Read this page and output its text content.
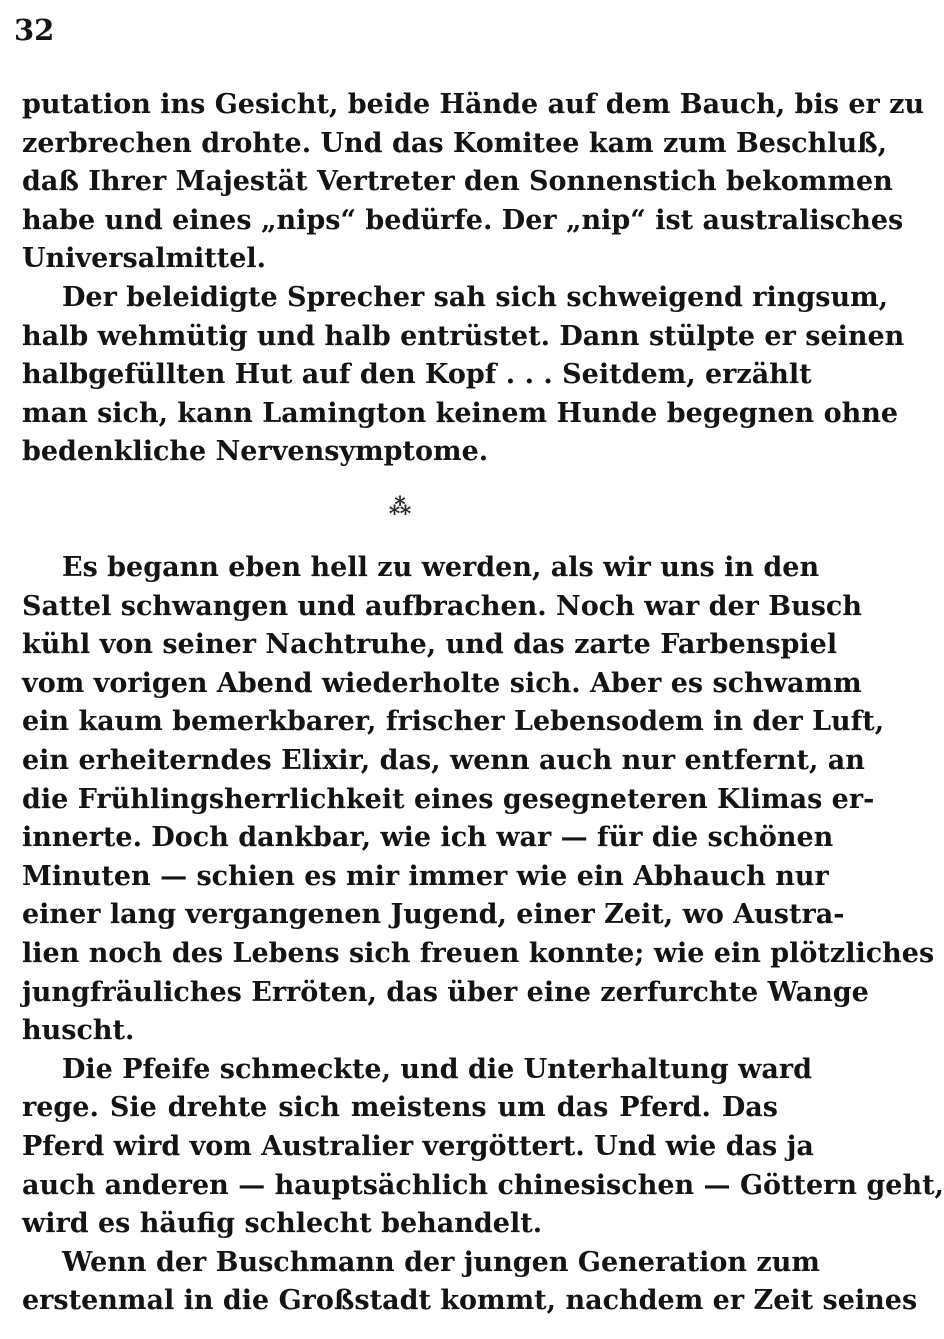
32
putation ins Gesicht, beide Hände auf dem Bauch, bis er zu
zerbrechen drohte. Und das Komitee kam zum Beschluß,
daß Ihrer Majestät Vertreter den Sonnenstich bekommen
habe und eines „nips“ bedürfe. Der „nip“ ist australisches
Universalmittel.
Der beleidigte Sprecher sah sich schweigend ringsum,
halb wehmütig und halb entrüstet. Dann stülpte er seinen
halbgefüllten Hut auf den Kopf . . . Seitdem, erzählt
man sich, kann Lamington keinem Hunde begegnen ohne
bedenkliche Nervensymptome.
⁂
Es begann eben hell zu werden, als wir uns in den
Sattel schwangen und aufbrachen. Noch war der Busch
kühl von seiner Nachtruhe, und das zarte Farbenspiel
vom vorigen Abend wiederholte sich. Aber es schwamm
ein kaum bemerkbarer, frischer Lebensodem in der Luft,
ein erheiterndes Elixir, das, wenn auch nur entfernt, an
die Frühlingsherrlichkeit eines gesegneteren Klimas er-
innerte. Doch dankbar, wie ich war — für die schönen
Minuten — schien es mir immer wie ein Abhauch nur
einer lang vergangenen Jugend, einer Zeit, wo Austra-
lien noch des Lebens sich freuen konnte; wie ein plötzliches
jungfräuliches Erröten, das über eine zerfurchte Wange
huscht.
Die Pfeife schmeckte, und die Unterhaltung ward
rege. Sie drehte sich meistens um das Pferd. Das
Pferd wird vom Australier vergöttert. Und wie das ja
auch anderen — hauptsächlich chinesischen — Göttern geht,
wird es häufig schlecht behandelt.
Wenn der Buschmann der jungen Generation zum
erstenmal in die Großstadt kommt, nachdem er Zeit seines
